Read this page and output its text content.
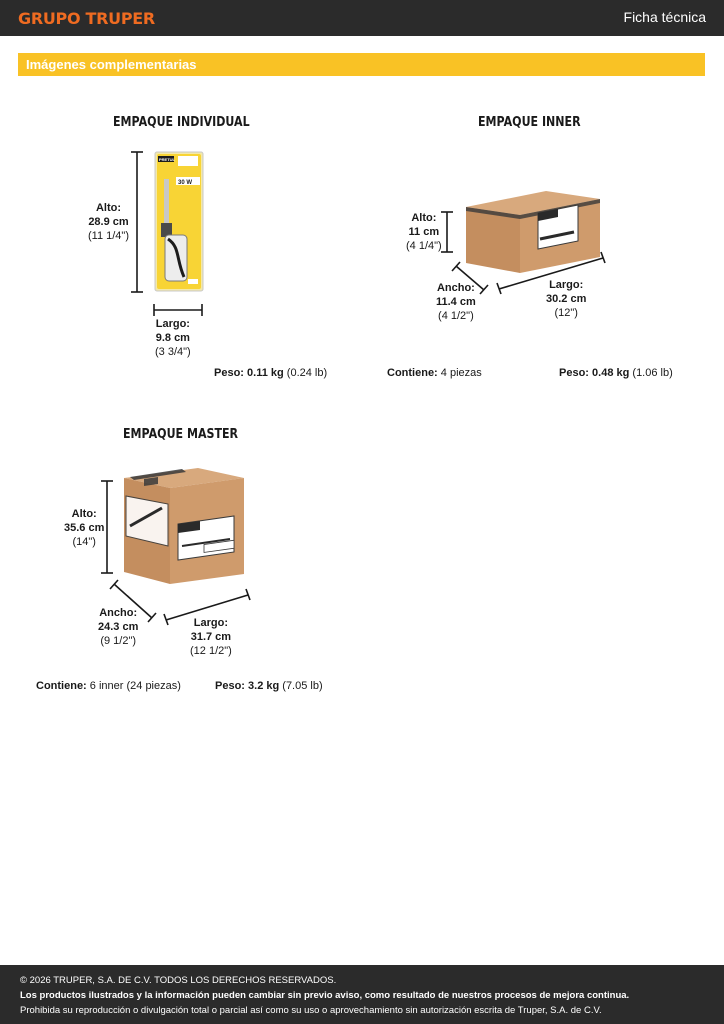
GRUPO TRUPER	Ficha técnica
Imágenes complementarias
EMPAQUE INDIVIDUAL
PRETUL
30 W
Alto:
28.9 cm
(11 1/4")
Largo:
9.8 cm
(3 3/4")
Peso: 0.11 kg (0.24 lb)
EMPAQUE INNER
Alto:
11 cm
(4 1/4")
Ancho:
11.4 cm
(4 1/2")
Largo:
30.2 cm
(12")
Contiene: 4 piezas	Peso: 0.48 kg (1.06 lb)
EMPAQUE MASTER
Alto:
35.6 cm
(14")
Ancho:
24.3 cm
(9 1/2")
Largo:
31.7 cm
(12 1/2")
Contiene: 6 inner (24 piezas)	Peso: 3.2 kg (7.05 lb)
© 2026 TRUPER, S.A. DE C.V. TODOS LOS DERECHOS RESERVADOS.
Los productos ilustrados y la información pueden cambiar sin previo aviso, como resultado de nuestros procesos de mejora continua.
Prohibida su reproducción o divulgación total o parcial así como su uso o aprovechamiento sin autorización escrita de Truper, S.A. de C.V.
